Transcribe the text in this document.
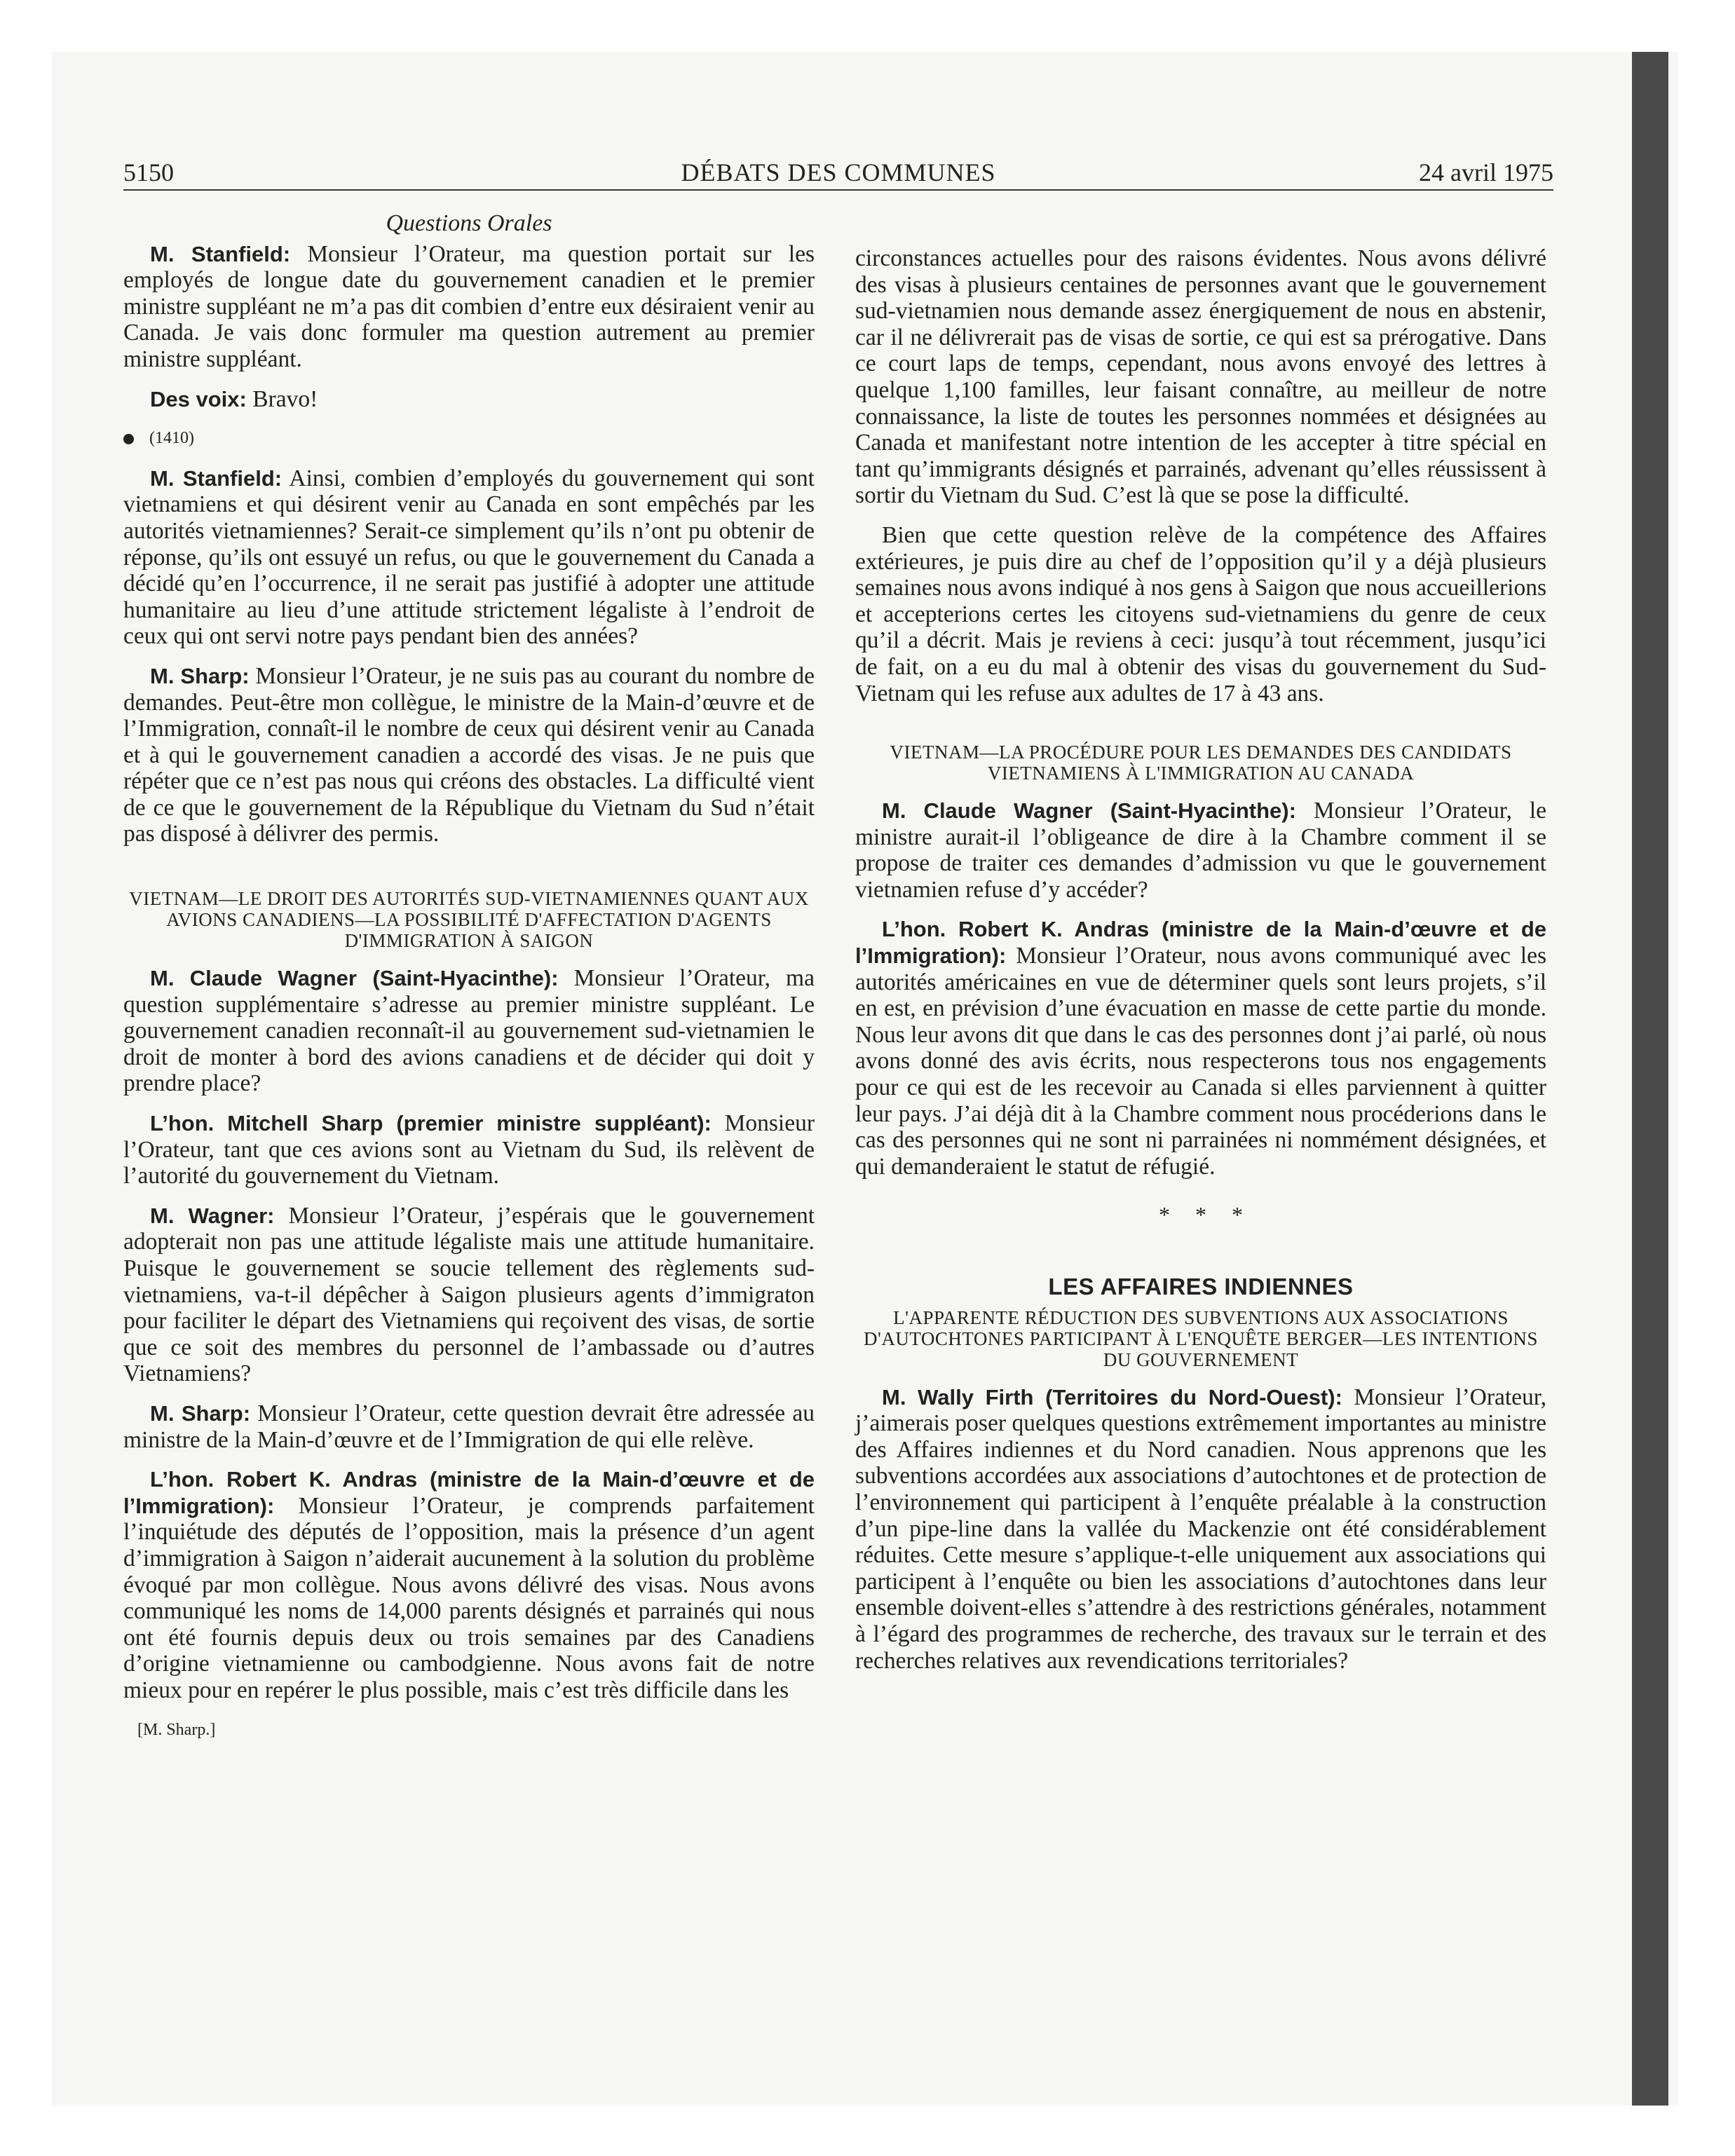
5150	DÉBATS DES COMMUNES	24 avril 1975
Questions Orales

M. Stanfield: Monsieur l’Orateur, ma question portait sur les employés de longue date du gouvernement canadien et le premier ministre suppléant ne m’a pas dit combien d’entre eux désiraient venir au Canada. Je vais donc formuler ma question autrement au premier ministre suppléant.

Des voix: Bravo!

(1410)

M. Stanfield: Ainsi, combien d’employés du gouvernement qui sont vietnamiens et qui désirent venir au Canada en sont empêchés par les autorités vietnamiennes? Serait-ce simplement qu’ils n’ont pu obtenir de réponse, qu’ils ont essuyé un refus, ou que le gouvernement du Canada a décidé qu’en l’occurrence, il ne serait pas justifié à adopter une attitude humanitaire au lieu d’une attitude strictement légaliste à l’endroit de ceux qui ont servi notre pays pendant bien des années?

M. Sharp: Monsieur l’Orateur, je ne suis pas au courant du nombre de demandes. Peut-être mon collègue, le ministre de la Main-d’œuvre et de l’Immigration, connaît-il le nombre de ceux qui désirent venir au Canada et à qui le gouvernement canadien a accordé des visas. Je ne puis que répéter que ce n’est pas nous qui créons des obstacles. La difficulté vient de ce que le gouvernement de la République du Vietnam du Sud n’était pas disposé à délivrer des permis.

VIETNAM—LE DROIT DES AUTORITÉS SUD-VIETNAMIENNES QUANT AUX AVIONS CANADIENS—LA POSSIBILITÉ D'AFFECTATION D'AGENTS D'IMMIGRATION À SAIGON

M. Claude Wagner (Saint-Hyacinthe): Monsieur l’Orateur, ma question supplémentaire s’adresse au premier ministre suppléant. Le gouvernement canadien reconnaît-il au gouvernement sud-vietnamien le droit de monter à bord des avions canadiens et de décider qui doit y prendre place?

L’hon. Mitchell Sharp (premier ministre suppléant): Monsieur l’Orateur, tant que ces avions sont au Vietnam du Sud, ils relèvent de l’autorité du gouvernement du Vietnam.

M. Wagner: Monsieur l’Orateur, j’espérais que le gouvernement adopterait non pas une attitude légaliste mais une attitude humanitaire. Puisque le gouvernement se soucie tellement des règlements sud-vietnamiens, va-t-il dépêcher à Saigon plusieurs agents d’immigraton pour faciliter le départ des Vietnamiens qui reçoivent des visas, de sortie que ce soit des membres du personnel de l’ambassade ou d’autres Vietnamiens?

M. Sharp: Monsieur l’Orateur, cette question devrait être adressée au ministre de la Main-d’œuvre et de l’Immigration de qui elle relève.

L’hon. Robert K. Andras (ministre de la Main-d’œuvre et de l’Immigration): Monsieur l’Orateur, je comprends parfaitement l’inquiétude des députés de l’opposition, mais la présence d’un agent d’immigration à Saigon n’aiderait aucunement à la solution du problème évoqué par mon collègue. Nous avons délivré des visas. Nous avons communiqué les noms de 14,000 parents désignés et parrainés qui nous ont été fournis depuis deux ou trois semaines par des Canadiens d’origine vietnamienne ou cambodgienne. Nous avons fait de notre mieux pour en repérer le plus possible, mais c’est très difficile dans les

[M. Sharp.]

circonstances actuelles pour des raisons évidentes. Nous avons délivré des visas à plusieurs centaines de personnes avant que le gouvernement sud-vietnamien nous demande assez énergiquement de nous en abstenir, car il ne délivrerait pas de visas de sortie, ce qui est sa prérogative. Dans ce court laps de temps, cependant, nous avons envoyé des lettres à quelque 1,100 familles, leur faisant connaître, au meilleur de notre connaissance, la liste de toutes les personnes nommées et désignées au Canada et manifestant notre intention de les accepter à titre spécial en tant qu’immigrants désignés et parrainés, advenant qu’elles réussissent à sortir du Vietnam du Sud. C’est là que se pose la difficulté.

Bien que cette question relève de la compétence des Affaires extérieures, je puis dire au chef de l’opposition qu’il y a déjà plusieurs semaines nous avons indiqué à nos gens à Saigon que nous accueillerions et accepterions certes les citoyens sud-vietnamiens du genre de ceux qu’il a décrit. Mais je reviens à ceci: jusqu’à tout récemment, jusqu’ici de fait, on a eu du mal à obtenir des visas du gouvernement du Sud-Vietnam qui les refuse aux adultes de 17 à 43 ans.

VIETNAM—LA PROCÉDURE POUR LES DEMANDES DES CANDIDATS VIETNAMIENS À L'IMMIGRATION AU CANADA

M. Claude Wagner (Saint-Hyacinthe): Monsieur l’Orateur, le ministre aurait-il l’obligeance de dire à la Chambre comment il se propose de traiter ces demandes d’admission vu que le gouvernement vietnamien refuse d’y accéder?

L’hon. Robert K. Andras (ministre de la Main-d’œuvre et de l’Immigration): Monsieur l’Orateur, nous avons communiqué avec les autorités américaines en vue de déterminer quels sont leurs projets, s’il en est, en prévision d’une évacuation en masse de cette partie du monde. Nous leur avons dit que dans le cas des personnes dont j’ai parlé, où nous avons donné des avis écrits, nous respecterons tous nos engagements pour ce qui est de les recevoir au Canada si elles parviennent à quitter leur pays. J’ai déjà dit à la Chambre comment nous procéderions dans le cas des personnes qui ne sont ni parrainées ni nommément désignées, et qui demanderaient le statut de réfugié.

* * *
LES AFFAIRES INDIENNES
L'APPARENTE RÉDUCTION DES SUBVENTIONS AUX ASSOCIATIONS D'AUTOCHTONES PARTICIPANT À L'ENQUÊTE BERGER—LES INTENTIONS DU GOUVERNEMENT

M. Wally Firth (Territoires du Nord-Ouest): Monsieur l’Orateur, j’aimerais poser quelques questions extrêmement importantes au ministre des Affaires indiennes et du Nord canadien. Nous apprenons que les subventions accordées aux associations d’autochtones et de protection de l’environnement qui participent à l’enquête préalable à la construction d’un pipe-line dans la vallée du Mackenzie ont été considérablement réduites. Cette mesure s’applique-t-elle uniquement aux associations qui participent à l’enquête ou bien les associations d’autochtones dans leur ensemble doivent-elles s’attendre à des restrictions générales, notamment à l’égard des programmes de recherche, des travaux sur le terrain et des recherches relatives aux revendications territoriales?
